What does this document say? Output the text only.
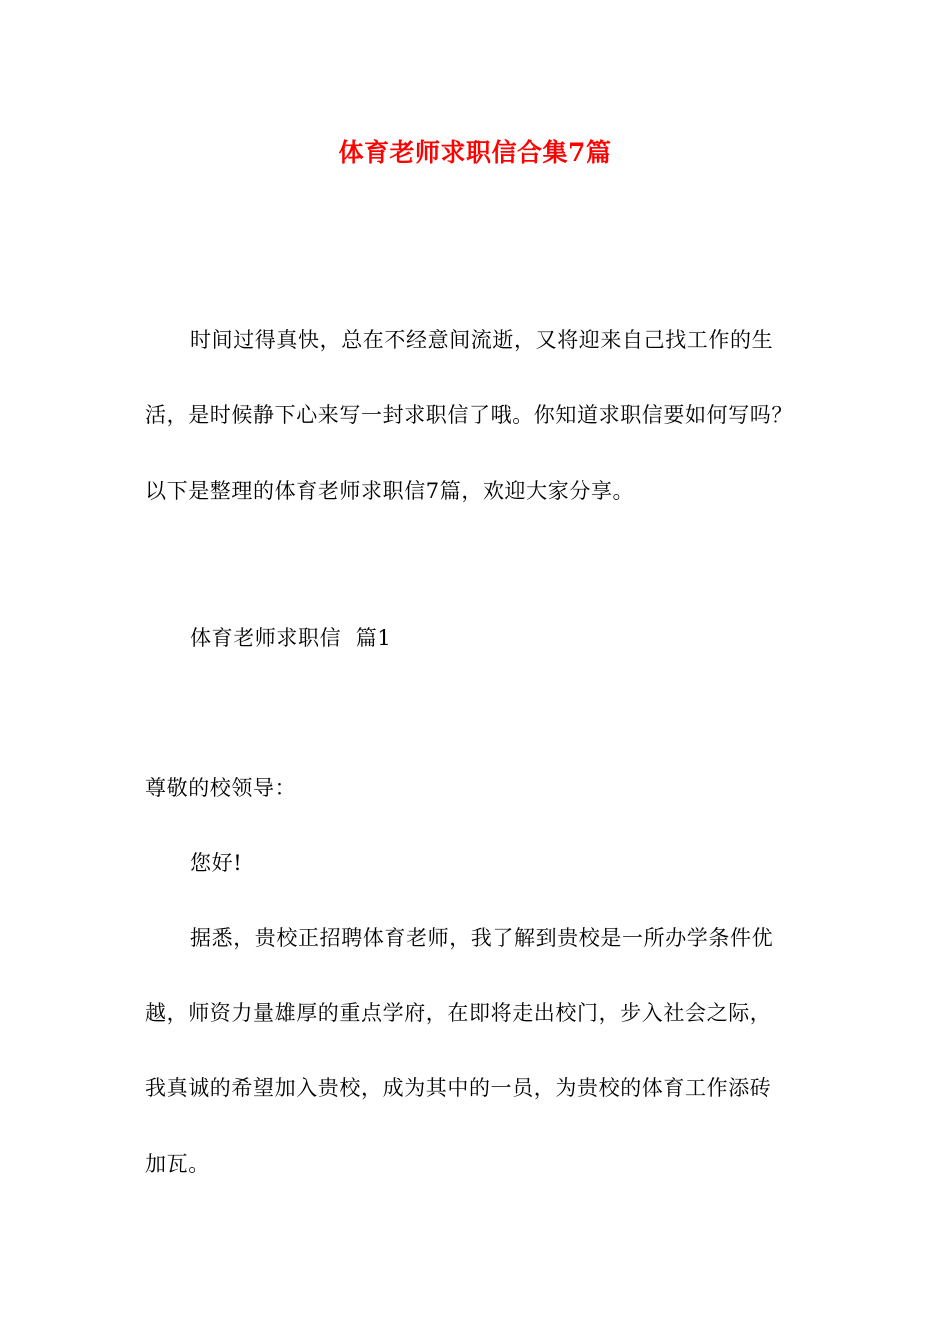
体育老师求职信合集7篇
时间过得真快，总在不经意间流逝，又将迎来自己找工作的生
活，是时候静下心来写一封求职信了哦。你知道求职信要如何写吗？
以下是整理的体育老师求职信7篇，欢迎大家分享。
体育老师求职信  篇1
尊敬的校领导：
您好!
据悉，贵校正招聘体育老师，我了解到贵校是一所办学条件优
越，师资力量雄厚的重点学府，在即将走出校门，步入社会之际，
我真诚的希望加入贵校，成为其中的一员，为贵校的体育工作添砖
加瓦。
